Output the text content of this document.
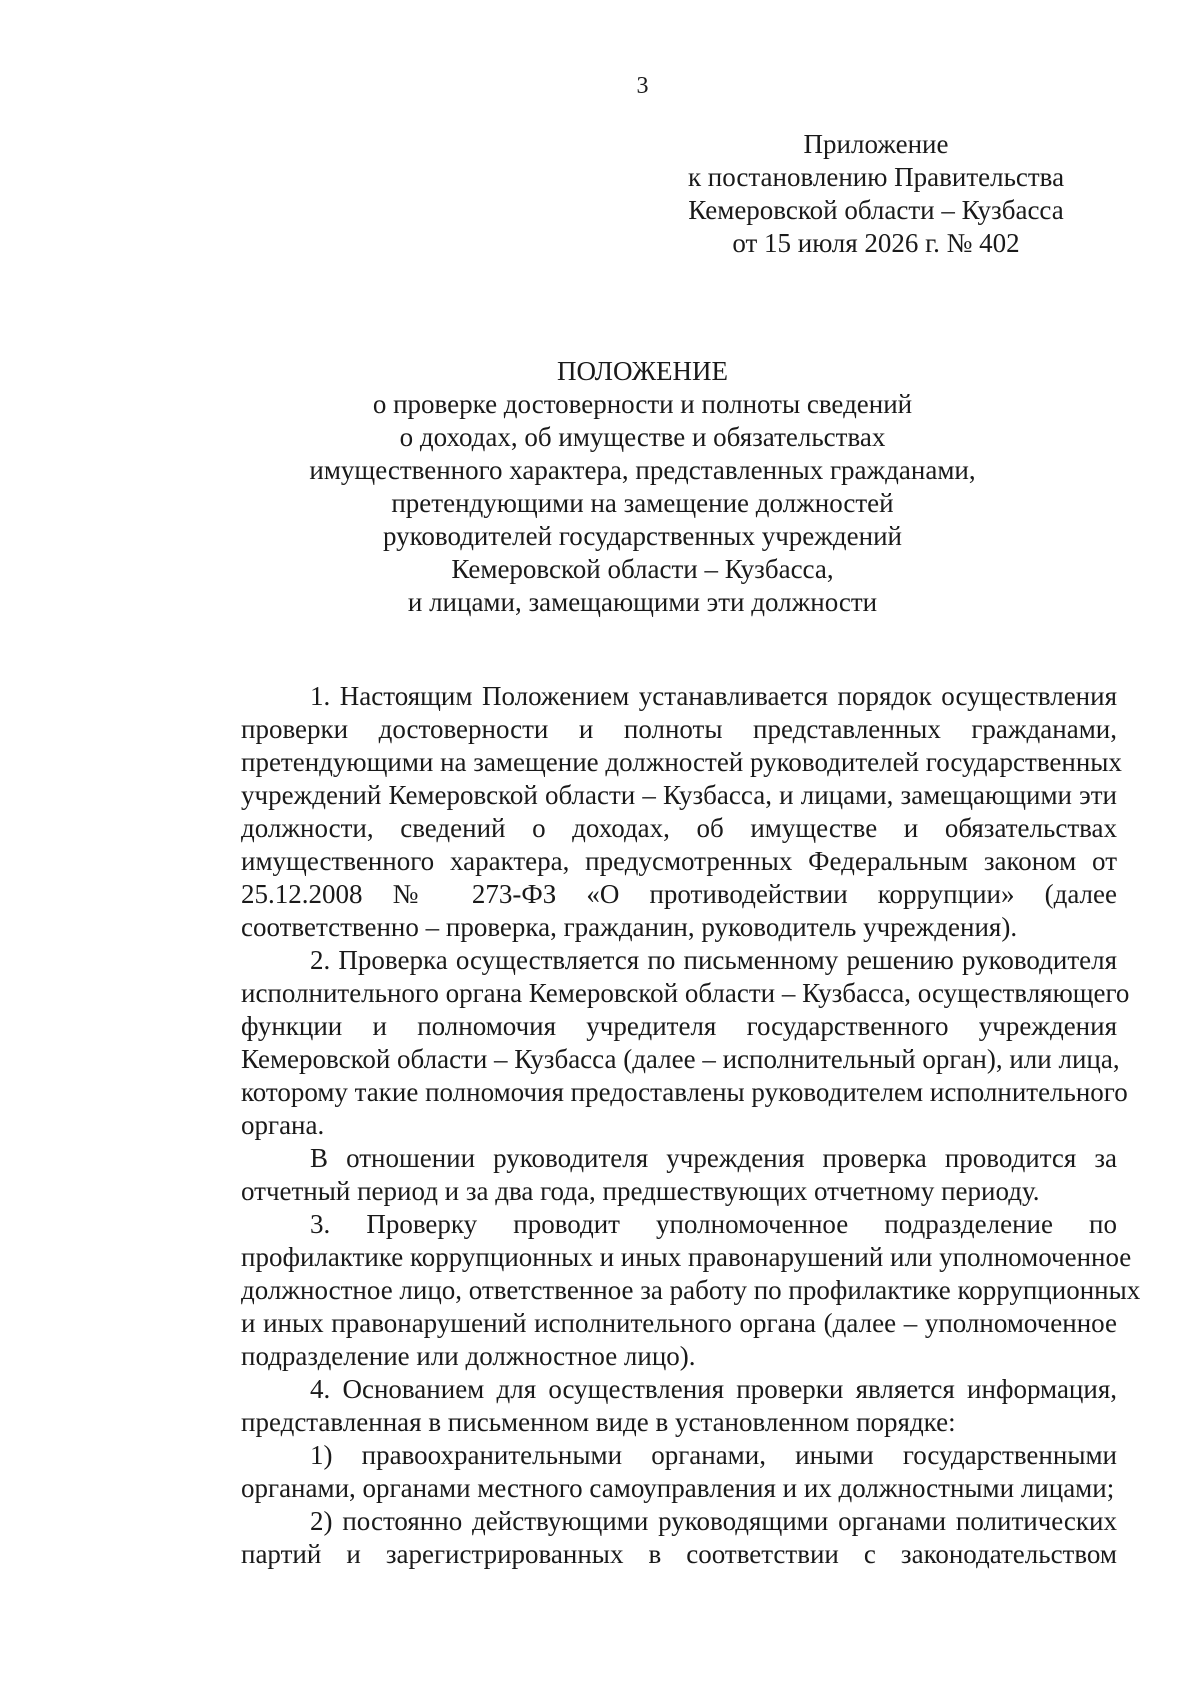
3
Приложение
к постановлению Правительства
Кемеровской области – Кузбасса
от 15 июля 2026 г. № 402
ПОЛОЖЕНИЕ
о проверке достоверности и полноты сведений
о доходах, об имуществе и обязательствах
имущественного характера, представленных гражданами,
претендующими на замещение должностей
руководителей государственных учреждений
Кемеровской области – Кузбасса,
и лицами, замещающими эти должности
1. Настоящим Положением устанавливается порядок осуществления
проверки достоверности и полноты представленных гражданами,
претендующими на замещение должностей руководителей государственных
учреждений Кемеровской области – Кузбасса, и лицами, замещающими эти
должности, сведений о доходах, об имуществе и обязательствах
имущественного характера, предусмотренных Федеральным законом от
25.12.2008 № 273-ФЗ «О противодействии коррупции» (далее
соответственно – проверка, гражданин, руководитель учреждения).
2. Проверка осуществляется по письменному решению руководителя
исполнительного органа Кемеровской области – Кузбасса, осуществляющего
функции и полномочия учредителя государственного учреждения
Кемеровской области – Кузбасса (далее – исполнительный орган), или лица,
которому такие полномочия предоставлены руководителем исполнительного
органа.
В отношении руководителя учреждения проверка проводится за
отчетный период и за два года, предшествующих отчетному периоду.
3. Проверку проводит уполномоченное подразделение по
профилактике коррупционных и иных правонарушений или уполномоченное
должностное лицо, ответственное за работу по профилактике коррупционных
и иных правонарушений исполнительного органа (далее – уполномоченное
подразделение или должностное лицо).
4. Основанием для осуществления проверки является информация,
представленная в письменном виде в установленном порядке:
1) правоохранительными органами, иными государственными
органами, органами местного самоуправления и их должностными лицами;
2) постоянно действующими руководящими органами политических
партий и зарегистрированных в соответствии с законодательством
